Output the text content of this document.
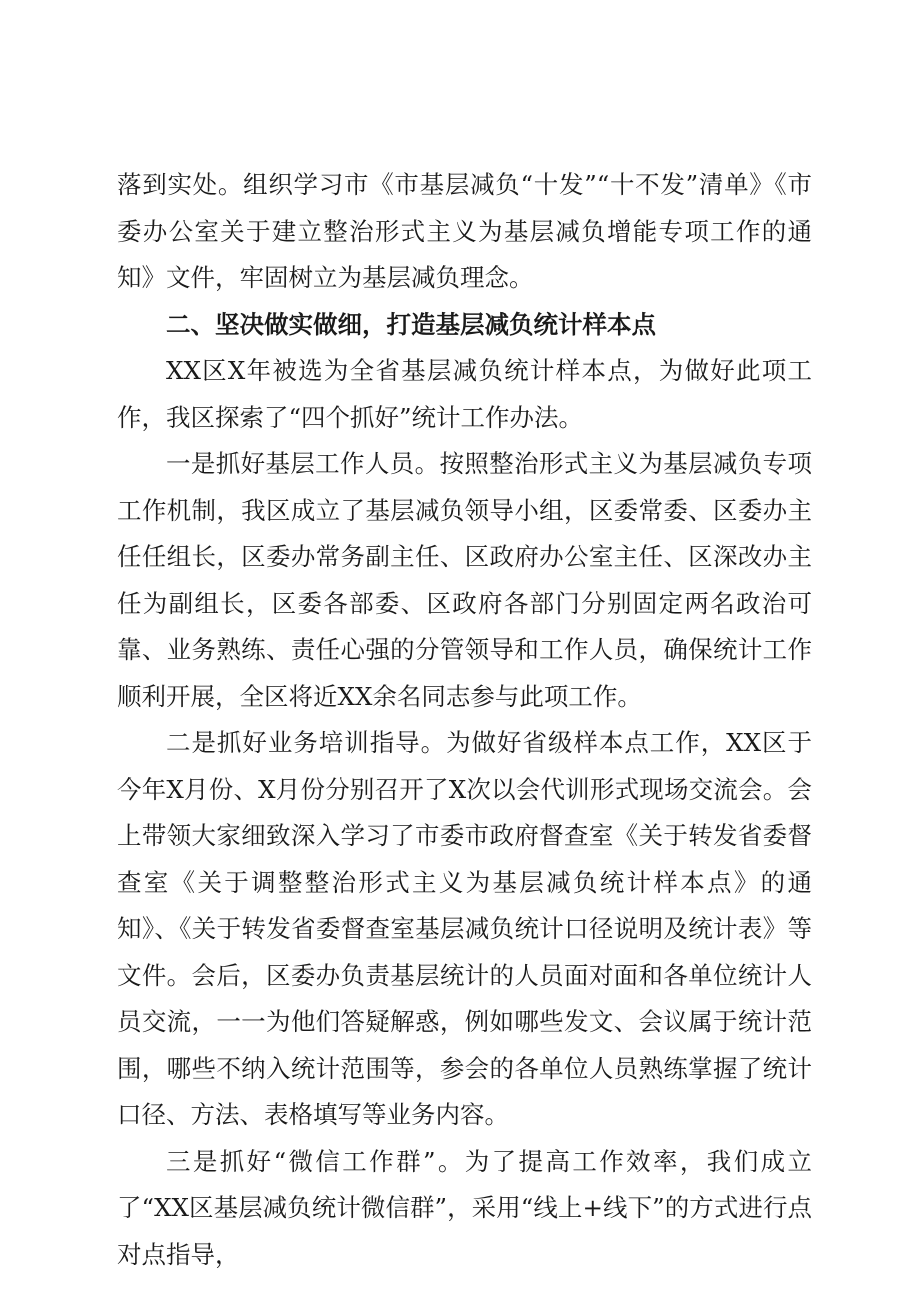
落到实处。组织学习市《市基层减负“十发”“十不发”清单》《市委办公室关于建立整治形式主义为基层减负增能专项工作的通知》文件，牢固树立为基层减负理念。

二、坚决做实做细，打造基层减负统计样本点

XX区X年被选为全省基层减负统计样本点，为做好此项工作，我区探索了“四个抓好”统计工作办法。

一是抓好基层工作人员。按照整治形式主义为基层减负专项工作机制，我区成立了基层减负领导小组，区委常委、区委办主任任组长，区委办常务副主任、区政府办公室主任、区深改办主任为副组长，区委各部委、区政府各部门分别固定两名政治可靠、业务熟练、责任心强的分管领导和工作人员，确保统计工作顺利开展，全区将近XX余名同志参与此项工作。

二是抓好业务培训指导。为做好省级样本点工作，XX区于今年X月份、X月份分别召开了X次以会代训形式现场交流会。会上带领大家细致深入学习了市委市政府督查室《关于转发省委督查室《关于调整整治形式主义为基层减负统计样本点》的通知》、《关于转发省委督查室基层减负统计口径说明及统计表》等文件。会后，区委办负责基层统计的人员面对面和各单位统计人员交流，一一为他们答疑解惑，例如哪些发文、会议属于统计范围，哪些不纳入统计范围等，参会的各单位人员熟练掌握了统计口径、方法、表格填写等业务内容。

三是抓好“微信工作群”。为了提高工作效率，我们成立了“XX区基层减负统计微信群”，采用“线上+线下”的方式进行点对点指导，
